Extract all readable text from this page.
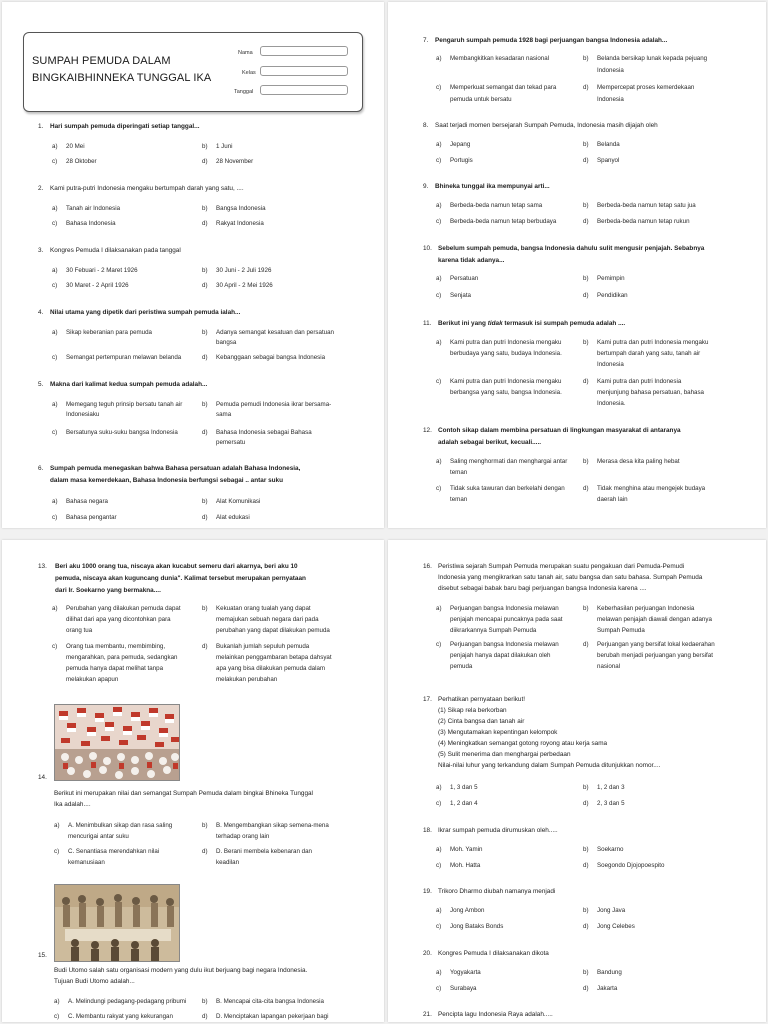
SUMPAH PEMUDA DALAM
BINGKAIBHINNEKA TUNGGAL IKA
Nama
Kelas
Tanggal
1. Hari sumpah pemuda diperingati setiap tanggal...
a) 20 Mei	b) 1 Juni
c) 28 Oktober	d) 28 November
2. Kami putra-putri Indonesia mengaku bertumpah darah yang satu, ....
a) Tanah air Indonesia	b) Bangsa Indonesia
c) Bahasa Indonesia	d) Rakyat Indonesia
3. Kongres Pemuda I dilaksanakan pada tanggal
a) 30 Febuari - 2 Maret 1926	b) 30 Juni - 2 Juli 1926
c) 30 Maret - 2 April 1926	d) 30 April - 2 Mei 1926
4. Nilai utama yang dipetik dari peristiwa sumpah pemuda ialah...
a) Sikap keberanian para pemuda	b) Adanya semangat kesatuan dan persatuan
bangsa
c) Semangat pertempuran melawan belanda	d) Kebanggaan sebagai bangsa Indonesia
5. Makna dari kalimat kedua sumpah pemuda adalah...
a) Memegang teguh prinsip bersatu tanah air
Indonesiaku
b) Pemuda pemudi Indonesia ikrar bersama-
sama
c) Bersatunya suku-suku bangsa Indonesia	d) Bahasa Indonesia sebagai Bahasa
pemersatu
6. Sumpah pemuda menegaskan bahwa Bahasa persatuan adalah Bahasa Indonesia,
dalam masa kemerdekaan, Bahasa Indonesia berfungsi sebagai .. antar suku
a) Bahasa negara	b) Alat Komunikasi
c) Bahasa pengantar	d) Alat edukasi
7. Pengaruh sumpah pemuda 1928 bagi perjuangan bangsa Indonesia adalah...
a) Membangkitkan kesadaran nasional	b) Belanda bersikap lunak kepada pejuang
Indonesia
c) Memperkuat semangat dan tekad para
pemuda untuk bersatu
d) Mempercepat proses kemerdekaan
Indonesia
8. Saat terjadi momen bersejarah Sumpah Pemuda, Indonesia masih dijajah oleh
a) Jepang	b) Belanda
c) Portugis	d) Spanyol
9. Bhineka tunggal ika mempunyai arti...
a) Berbeda-beda namun tetap sama	b) Berbeda-beda namun tetap satu jua
c) Berbeda-beda namun tetap berbudaya	d) Berbeda-beda namun tetap rukun
10. Sebelum sumpah pemuda, bangsa Indonesia dahulu sulit mengusir penjajah. Sebabnya
karena tidak adanya...
a) Persatuan	b) Pemimpin
c) Senjata	d) Pendidikan
11. Berikut ini yang tidak termasuk isi sumpah pemuda adalah ....
a) Kami putra dan putri Indonesia mengaku
berbudaya yang satu, budaya Indonesia.
b) Kami putra dan putri Indonesia mengaku
bertumpah darah yang satu, tanah air
Indonesia
c) Kami putra dan putri Indonesia mengaku
berbangsa yang satu, bangsa Indonesia.
d) Kami putra dan putri Indonesia
menjunjung bahasa persatuan, bahasa
Indonesia.
12. Contoh sikap dalam membina persatuan di lingkungan masyarakat di antaranya
adalah sebagai berikut, kecuali.....
a) Saling menghormati dan menghargai antar
teman
b) Merasa desa kita paling hebat
c) Tidak suka tawuran dan berkelahi dengan
teman
d) Tidak menghina atau mengejek budaya
daerah lain
13. Beri aku 1000 orang tua, niscaya akan kucabut semeru dari akarnya, beri aku 10
pemuda, niscaya akan kuguncang dunia". Kalimat tersebut merupakan pernyataan
dari Ir. Soekarno yang bermakna....
a) Perubahan yang dilakukan pemuda dapat
dilihat dari apa yang dicontohkan para
orang tua
b) Kekuatan orang tualah yang dapat
memajukan sebuah negara dari pada
perubahan yang dapat dilakukan pemuda
c) Orang tua membantu, membimbing,
mengarahkan, para pemuda, sedangkan
pemuda hanya dapat melihat tanpa
melakukan apapun
d) Bukanlah jumlah sepuluh pemuda
melainkan penggambaran betapa dahsyat
apa yang bisa dilakukan pemuda dalam
melakukan perubahan
14.
Berikut ini merupakan nilai dan semangat Sumpah Pemuda dalam bingkai Bhineka Tunggal
Ika adalah....
a) A. Menimbulkan sikap dan rasa saling
mencurigai antar suku
b) B. Mengembangkan sikap semena-mena
terhadap orang lain
c) C. Senantiasa merendahkan nilai
kemanusiaan
d) D. Berani membela kebenaran dan
keadilan
15.
Budi Utomo salah satu organisasi modern yang dulu ikut berjuang bagi negara Indonesia.
Tujuan Budi Utomo adalah...
a) A. Melindungi pedagang-pedagang pribumi	b) B. Mencapai cita-cita bangsa Indonesia
c) C. Membantu rakyat yang kekurangan	d) D. Menciptakan lapangan pekerjaan bagi
16. Peristiwa sejarah Sumpah Pemuda merupakan suatu pengakuan dari Pemuda-Pemudi
Indonesia yang mengikrarkan satu tanah air, satu bangsa dan satu bahasa. Sumpah Pemuda
disebut sebagai babak baru bagi perjuangan bangsa Indonesia karena ....
a) Perjuangan bangsa Indonesia melawan
penjajah mencapai puncaknya pada saat
diikrarkannya Sumpah Pemuda
b) Keberhasilan perjuangan Indonesia
melawan penjajah diawali dengan adanya
Sumpah Pemuda
c) Perjuangan bangsa Indonesia melawan
penjajah hanya dapat dilakukan oleh
pemuda
d) Perjuangan yang bersifat lokal kedaerahan
berubah menjadi perjuangan yang bersifat
nasional
17. Perhatikan pernyataan berikut!
(1) Sikap rela berkorban
(2) Cinta bangsa dan tanah air
(3) Mengutamakan kepentingan kelompok
(4) Meningkatkan semangat gotong royong atau kerja sama
(5) Sulit menerima dan menghargai perbedaan
Nilai-nilai luhur yang terkandung dalam Sumpah Pemuda ditunjukkan nomor....
a) 1, 3 dan 5	b) 1, 2 dan 3
c) 1, 2 dan 4	d) 2, 3 dan 5
18. Ikrar sumpah pemuda dirumuskan oleh.....
a) Moh. Yamin	b) Soekarno
c) Moh. Hatta	d) Soegondo Djojopoespito
19. Trikoro Dharmo diubah namanya menjadi
a) Jong Ambon	b) Jong Java
c) Jong Bataks Bonds	d) Jong Celebes
20. Kongres Pemuda I dilaksanakan dikota
a) Yogyakarta	b) Bandung
c) Surabaya	d) Jakarta
21. Pencipta lagu Indonesia Raya adalah.....
